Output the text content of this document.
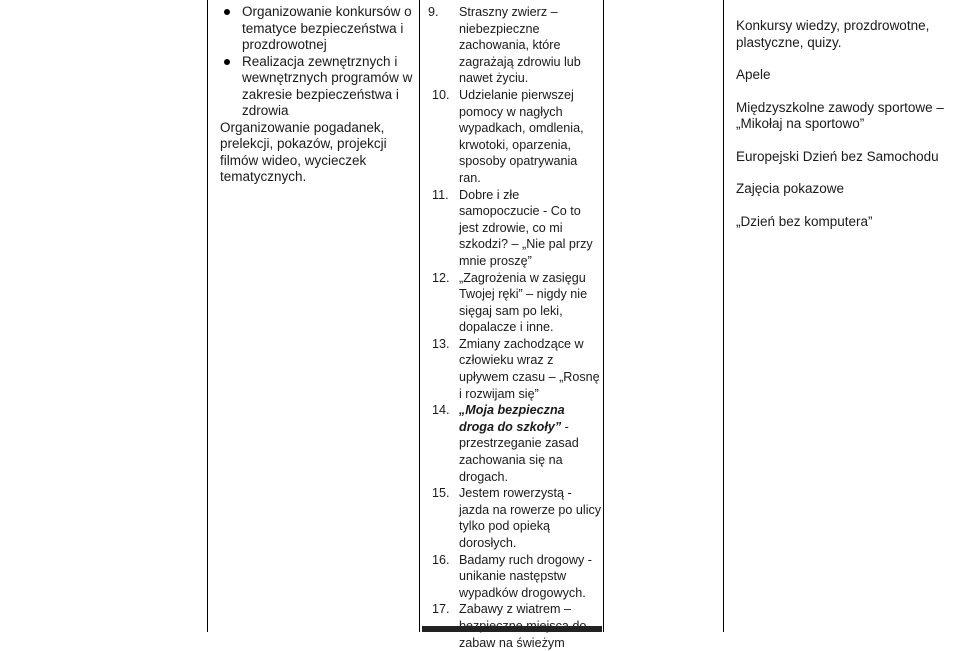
Organizowanie konkursów o tematyce bezpieczeństwa i prozdrowotnej
Realizacja zewnętrznych i wewnętrznych programów w zakresie bezpieczeństwa i zdrowia
Organizowanie pogadanek, prelekcji, pokazów, projekcji filmów wideo, wycieczek tematycznych.
9. Straszny zwierz – niebezpieczne zachowania, które zagrażają zdrowiu lub nawet życiu.
10. Udzielanie pierwszej pomocy w nagłych wypadkach, omdlenia, krwotoki, oparzenia, sposoby opatrywania ran.
11. Dobre i złe samopoczucie - Co to jest zdrowie, co mi szkodzi? – „Nie pal przy mnie proszę”
12. „Zagrożenia w zasięgu Twojej ręki” – nigdy nie sięgaj sam po leki, dopalacze i inne.
13. Zmiany zachodzące w człowieku wraz z upływem czasu – „Rosnę i rozwijam się”
14. „Moja bezpieczna droga do szkoły” - przestrzeganie zasad zachowania się na drogach.
15. Jestem rowerzystą - jazda na rowerze po ulicy tylko pod opieką dorosłych.
16. Badamy ruch drogowy - unikanie następstw wypadków drogowych.
17. Zabawy z wiatrem – zabaw na świeżym

Konkursy wiedzy, prozdrowotne, plastyczne, quizy.

Apele

Międzyszkolne zawody sportowe – „Mikołaj na sportowo”

Europejski Dzień bez Samochodu

Zajęcia pokazowe

„Dzień bez komputera”
